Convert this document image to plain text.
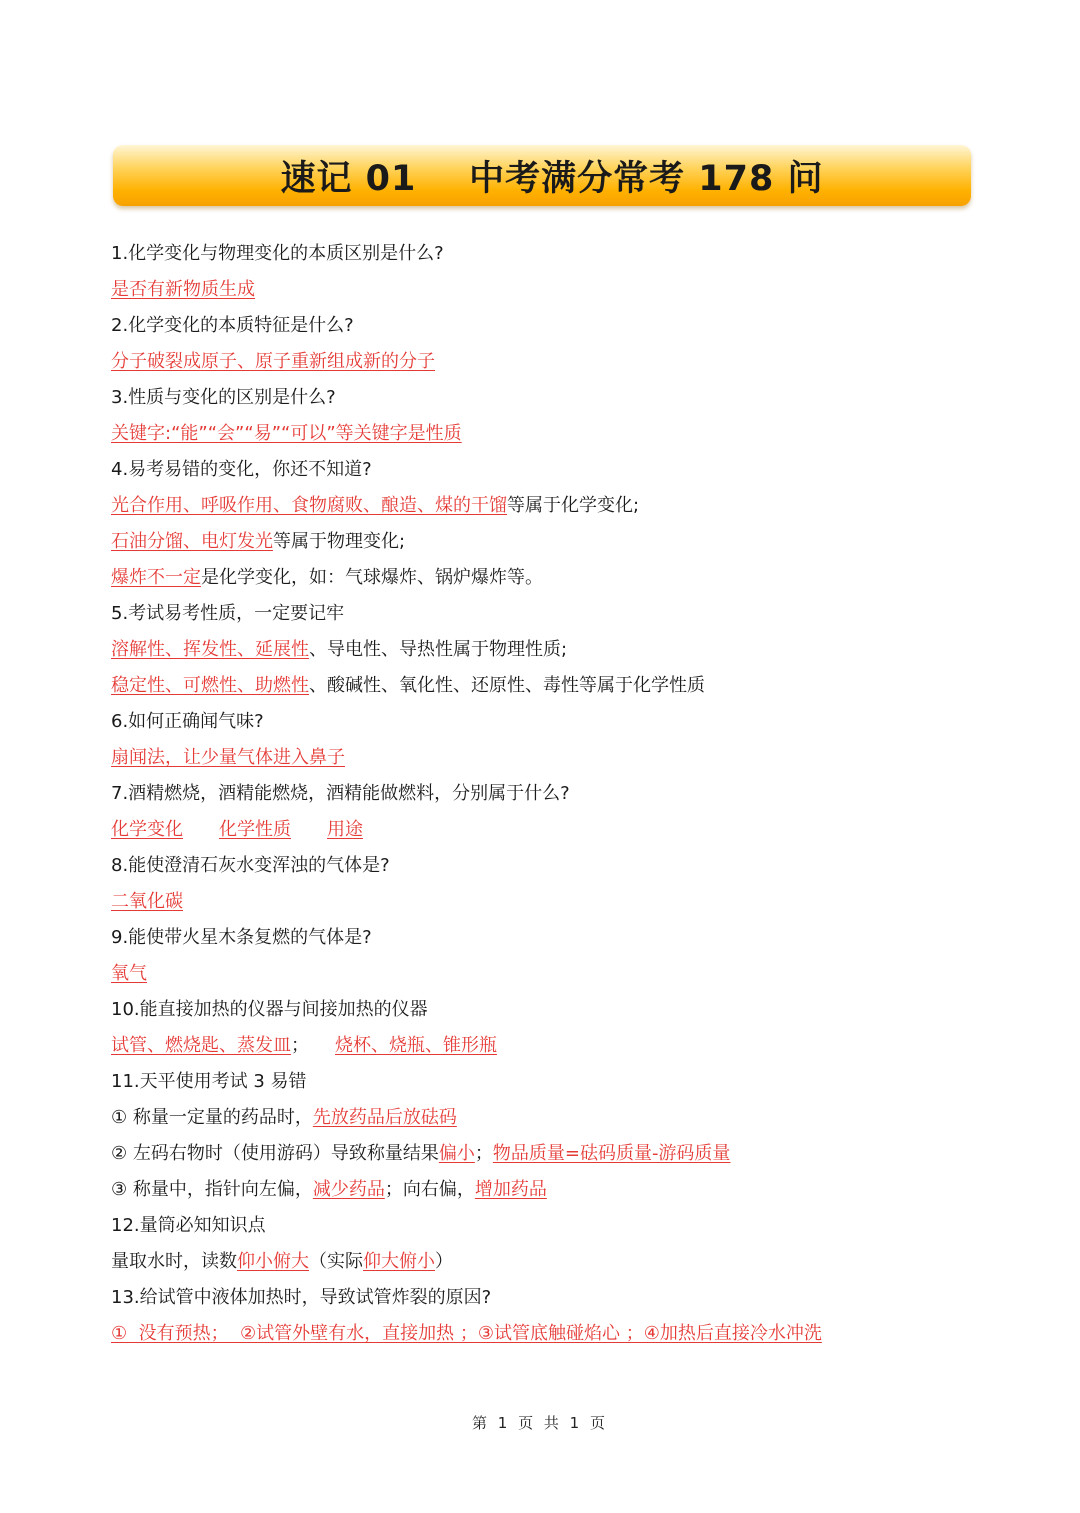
速记 01    中考满分常考 178 问
1.化学变化与物理变化的本质区别是什么?
是否有新物质生成
2.化学变化的本质特征是什么?
分子破裂成原子、原子重新组成新的分子
3.性质与变化的区别是什么?
关键字:“能”“会”“易”“可以”等关键字是性质
4.易考易错的变化，你还不知道?
光合作用、呼吸作用、食物腐败、酿造、煤的干馏等属于化学变化;
石油分馏、电灯发光等属于物理变化;
爆炸不一定是化学变化，如：气球爆炸、锅炉爆炸等。
5.考试易考性质，一定要记牢
溶解性、挥发性、延展性、导电性、导热性属于物理性质;
稳定性、可燃性、助燃性、酸碱性、氧化性、还原性、毒性等属于化学性质
6.如何正确闻气味?
扇闻法，让少量气体进入鼻子
7.酒精燃烧，酒精能燃烧，酒精能做燃料，分别属于什么?
化学变化 化学性质 用途
8.能使澄清石灰水变浑浊的气体是?
二氧化碳
9.能使带火星木条复燃的气体是?
氧气
10.能直接加热的仪器与间接加热的仪器
试管、燃烧匙、蒸发皿； 烧杯、烧瓶、锥形瓶
11.天平使用考试 3 易错
① 称量一定量的药品时，先放药品后放砝码
② 左码右物时（使用游码）导致称量结果偏小；物品质量=砝码质量-游码质量
③ 称量中，指针向左偏，减少药品；向右偏，增加药品
12.量筒必知知识点
量取水时，读数仰小俯大（实际仰大俯小）
13.给试管中液体加热时，导致试管炸裂的原因?
①  没有预热；  ②试管外壁有水，直接加热 ；③试管底触碰焰心 ；④加热后直接冷水冲洗
第 1 页 共 1 页
